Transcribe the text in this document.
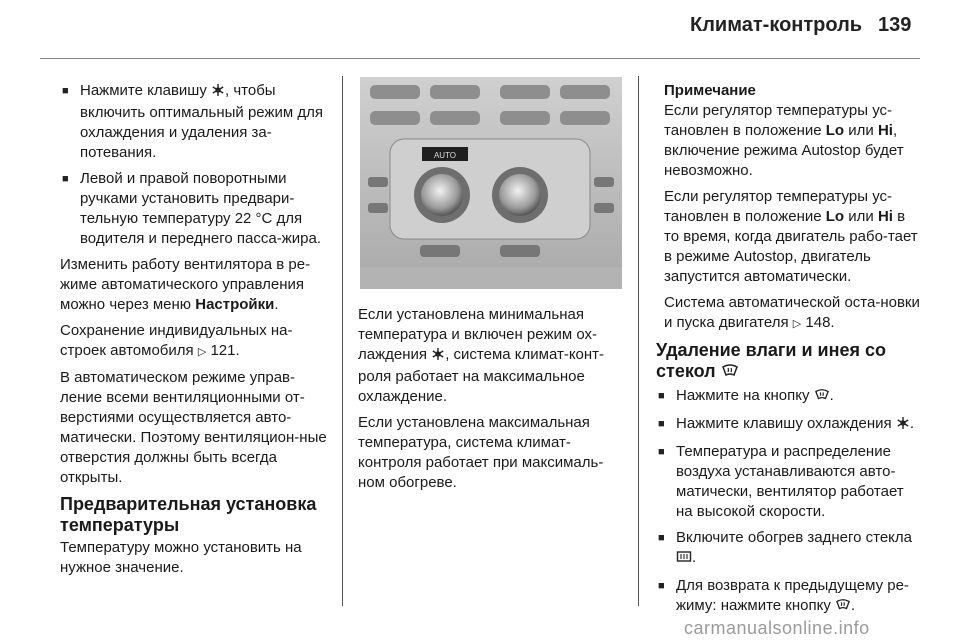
Климат-контроль 139
■ Нажмите клавишу , чтобы включить оптимальный режим для охлаждения и удаления за-потевания.
■ Левой и правой поворотными ручками установить предвари-тельную температуру 22 °C для водителя и переднего пасса-жира.

Изменить работу вентилятора в ре-жиме автоматического управления можно через меню Настройки.

Сохранение индивидуальных на-строек автомобиля ▷ 121.

В автоматическом режиме управ-ление всеми вентиляционными от-верстиями осуществляется авто-матически. Поэтому вентиляцион-ные отверстия должны быть всегда открыты.

Предварительная установка температуры

Температуру можно установить на нужное значение.

AUTO

Если установлена минимальная температура и включен режим ох-лаждения , система климат-конт-роля работает на максимальное охлаждение.

Если установлена максимальная температура, система климат-контроля работает при максималь-ном обогреве.

Примечание

Если регулятор температуры ус-тановлен в положение Lo или Hi, включение режима Autostop будет невозможно.

Если регулятор температуры ус-тановлен в положение Lo или Hi в то время, когда двигатель рабо-тает в режиме Autostop, двигатель запустится автоматически.

Система автоматической оста-новки и пуска двигателя ▷ 148.

Удаление влаги и инея со стекол
■ Нажмите на кнопку .
■ Нажмите клавишу охлаждения .
■ Температура и распределение воздуха устанавливаются авто-матически, вентилятор работает на высокой скорости.
■ Включите обогрев заднего стекла .
■ Для возврата к предыдущему ре-жиму: нажмите кнопку .
carmanualsonline.info
